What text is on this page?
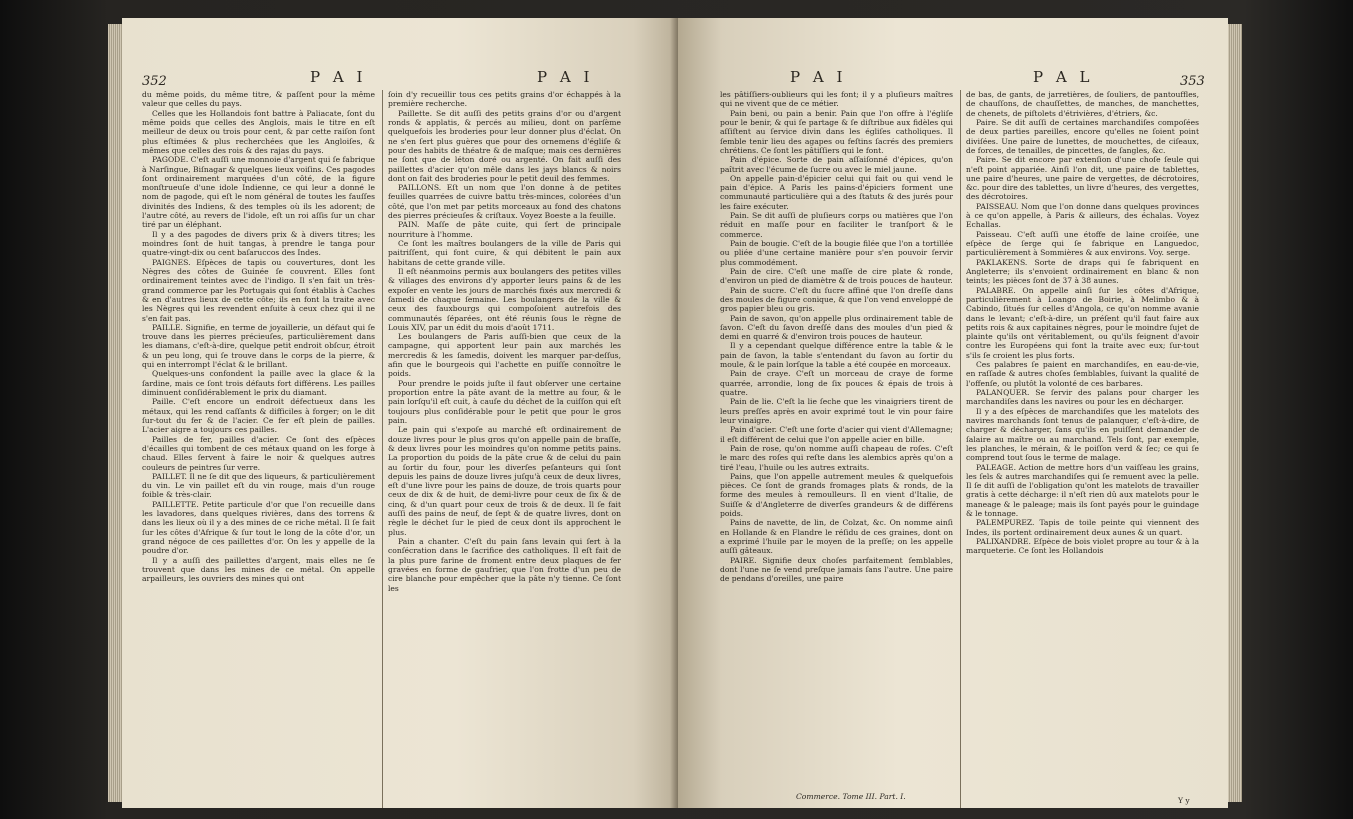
352	P A I	P A I

du même poids, du même titre, & paſſent pour la même valeur que celles du pays.

Celles que les Hollandois font battre à Paliacate, ſont du même poids que celles des Anglois, mais le titre en eſt meilleur de deux ou trois pour cent, & par cette raiſon ſont plus eſtimées & plus recherchées que les Angloiſes, & mêmes que celles des rois & des rajas du pays.

PAGODE. C'eſt auſſi une monnoie d'argent qui ſe fabrique à Narſingue, Biſnagar & quelques lieux voiſins. Ces pagodes ſont ordinairement marquées d'un côté, de la figure monſtrueuſe d'une idole Indienne, ce qui leur a donné le nom de pagode, qui eſt le nom général de toutes les fauſſes divinités des Indiens, & des temples où ils les adorent; de l'autre côté, au revers de l'idole, eſt un roi aſſis ſur un char tiré par un éléphant.

Il y a des pagodes de divers prix & à divers titres; les moindres ſont de huit tangas, à prendre le tanga pour quatre-vingt-dix ou cent baſaruccos des Indes.

PAIGNES. Eſpèces de tapis ou couvertures, dont les Nègres des côtes de Guinée ſe couvrent. Elles ſont ordinairement teintes avec de l'indigo. Il s'en fait un très-grand commerce par les Portugais qui ſont établis à Caches & en d'autres lieux de cette côte; ils en font la traite avec les Nègres qui les revendent enſuite à ceux chez qui il ne s'en fait pas.

PAILLE. Signifie, en terme de joyaillerie, un défaut qui ſe trouve dans les pierres précieuſes, particulièrement dans les diamans, c'eſt-à-dire, quelque petit endroit obſcur, étroit & un peu long, qui ſe trouve dans le corps de la pierre, & qui en interrompt l'éclat & le brillant.

Quelques-uns confondent la paille avec la glace & la ſardine, mais ce ſont trois défauts fort différens. Les pailles diminuent conſidérablement le prix du diamant.

Paille. C'eſt encore un endroit défectueux dans les métaux, qui les rend caſſants & difficiles à forger; on le dit ſur-tout du fer & de l'acier. Ce fer eſt plein de pailles. L'acier aigre a toujours ces pailles.

Pailles de fer, pailles d'acier. Ce ſont des eſpèces d'écailles qui tombent de ces métaux quand on les forge à chaud. Elles ſervent à faire le noir & quelques autres couleurs de peintres ſur verre.

PAILLET. Il ne ſe dit que des liqueurs, & particulièrement du vin. Le vin paillet eſt du vin rouge, mais d'un rouge foible & très-clair.

PAILLETTE. Petite particule d'or que l'on recueille dans les lavadores, dans quelques rivières, dans des torrens & dans les lieux où il y a des mines de ce riche métal. Il ſe fait ſur les côtes d'Afrique & ſur tout le long de la côte d'or, un grand négoce de ces paillettes d'or. On les y appelle de la poudre d'or.

Il y a auſſi des paillettes d'argent, mais elles ne ſe trouvent que dans les mines de ce métal. On appelle arpailleurs, les ouvriers des mines qui ont

ſoin d'y recueillir tous ces petits grains d'or échappés à la première recherche.

Paillette. Se dit auſſi des petits grains d'or ou d'argent ronds & applatis, & percés au milieu, dont on parſème quelquefois les broderies pour leur donner plus d'éclat. On ne s'en ſert plus guères que pour des ornemens d'égliſe & pour des habits de théatre & de maſque; mais ces dernières ne ſont que de léton doré ou argenté. On fait auſſi des paillettes d'acier qu'on mêle dans les jays blancs & noirs dont on fait des broderies pour le petit deuil des femmes.

PAILLONS. Eſt un nom que l'on donne à de petites feuilles quarrées de cuivre battu très-minces, colorées d'un côté, que l'on met par petits morceaux au fond des chatons des pierres précieuſes & criſtaux. Voyez Boeste a la feuille.

PAIN. Maſſe de pâte cuite, qui ſert de principale nourriture à l'homme.

Ce ſont les maîtres boulangers de la ville de Paris qui paitriſſent, qui font cuire, & qui débitent le pain aux habitans de cette grande ville.

Il eſt néanmoins permis aux boulangers des petites villes & villages des environs d'y apporter leurs pains & de les expoſer en vente les jours de marchés fixés aux mercredi & ſamedi de chaque ſemaine. Les boulangers de la ville & ceux des fauxbourgs qui compoſoient autrefois des communautés ſéparées, ont été réunis ſous le règne de Louis XIV, par un édit du mois d'août 1711.

Les boulangers de Paris auſſi-bien que ceux de la campagne, qui apportent leur pain aux marchés les mercredis & les ſamedis, doivent les marquer par-deſſus, afin que le bourgeois qui l'achette en puiſſe connoître le poids.

Pour prendre le poids juſte il faut obſerver une certaine proportion entre la pâte avant de la mettre au four, & le pain lorſqu'il eſt cuit, à cauſe du déchet de la cuiſſon qui eſt toujours plus conſidérable pour le petit que pour le gros pain.

Le pain qui s'expoſe au marché eſt ordinairement de douze livres pour le plus gros qu'on appelle pain de braſſe, & deux livres pour les moindres qu'on nomme petits pains. La proportion du poids de la pâte crue & de celui du pain au ſortir du four, pour les diverſes peſanteurs qui ſont depuis les pains de douze livres juſqu'à ceux de deux livres, eſt d'une livre pour les pains de douze, de trois quarts pour ceux de dix & de huit, de demi-livre pour ceux de ſix & de cinq, & d'un quart pour ceux de trois & de deux. Il ſe fait auſſi des pains de neuf, de ſept & de quatre livres, dont on règle le déchet ſur le pied de ceux dont ils approchent le plus.

Pain a chanter. C'eſt du pain ſans levain qui ſert à la conſécration dans le ſacrifice des catholiques. Il eſt fait de la plus pure farine de froment entre deux plaques de fer gravées en forme de gaufrier, que l'on frotte d'un peu de cire blanche pour empêcher que la pâte n'y tienne. Ce ſont les

P A I	P A L	353

les pâtiſſiers-oublieurs qui les font; il y a pluſieurs maîtres qui ne vivent que de ce métier.

Pain beni, ou pain a benir. Pain que l'on offre à l'égliſe pour le benir, & qui ſe partage & ſe diſtribue aux fidèles qui aſſiſtent au ſervice divin dans les égliſes catholiques. Il ſemble tenir lieu des agapes ou feſtins ſacrés des premiers chrétiens. Ce ſont les pâtiſſiers qui le font.

Pain d'épice. Sorte de pain aſſaiſonné d'épices, qu'on paîtrit avec l'écume de ſucre ou avec le miel jaune.

On appelle pain-d'épicier celui qui fait ou qui vend le pain d'épice. A Paris les pains-d'épiciers forment une communauté particulière qui a des ſtatuts & des jurés pour les faire exécuter.

Pain. Se dit auſſi de pluſieurs corps ou matières que l'on réduit en maſſe pour en faciliter le tranſport & le commerce.

Pain de bougie. C'eſt de la bougie filée que l'on a tortillée ou pliée d'une certaine manière pour s'en pouvoir ſervir plus commodément.

Pain de cire. C'eſt une maſſe de cire plate & ronde, d'environ un pied de diamètre & de trois pouces de hauteur.

Pain de sucre. C'eſt du ſucre affiné que l'on dreſſe dans des moules de figure conique, & que l'on vend enveloppé de gros papier bleu ou gris.

Pain de savon, qu'on appelle plus ordinairement table de ſavon. C'eſt du ſavon dreſſé dans des moules d'un pied & demi en quarré & d'environ trois pouces de hauteur.

Il y a cependant quelque différence entre la table & le pain de ſavon, la table s'entendant du ſavon au ſortir du moule, & le pain lorſque la table a été coupée en morceaux.

Pain de craye. C'eſt un morceau de craye de forme quarrée, arrondie, long de ſix pouces & épais de trois à quatre.

Pain de lie. C'eſt la lie ſeche que les vinaigriers tirent de leurs preſſes après en avoir exprimé tout le vin pour faire leur vinaigre.

Pain d'acier. C'eſt une ſorte d'acier qui vient d'Allemagne; il eſt différent de celui que l'on appelle acier en bille.

Pain de rose, qu'on nomme auſſi chapeau de roſes. C'eſt le marc des roſes qui reſte dans les alembics après qu'on a tiré l'eau, l'huile ou les autres extraits.

Pains, que l'on appelle autrement meules & quelquefois pièces. Ce ſont de grands fromages plats & ronds, de la forme des meules à remoulleurs. Il en vient d'Italie, de Suiſſe & d'Angleterre de diverſes grandeurs & de différens poids.

Pains de navette, de lin, de Colzat, &c. On nomme ainſi en Hollande & en Flandre le réſidu de ces graines, dont on a exprimé l'huile par le moyen de la preſſe; on les appelle auſſi gâteaux.

PAIRE. Signifie deux choſes parfaitement ſemblables, dont l'une ne ſe vend preſque jamais ſans l'autre. Une paire de pendans d'oreilles, une paire

Commerce. Tome III. Part. I.

de bas, de gants, de jarretières, de ſouliers, de pantouffles, de chauſſons, de chauſſettes, de manches, de manchettes, de chenets, de piſtolets d'étrivières, d'étriers, &c.

Paire. Se dit auſſi de certaines marchandiſes compoſées de deux parties pareilles, encore qu'elles ne ſoient point diviſées. Une paire de lunettes, de mouchettes, de ciſeaux, de forces, de tenailles, de pincettes, de ſangles, &c.

Paire. Se dit encore par extenſion d'une choſe ſeule qui n'eſt point appariée. Ainſi l'on dit, une paire de tablettes, une paire d'heures, une paire de vergettes, de décrotoires, &c. pour dire des tablettes, un livre d'heures, des vergettes, des décrotoires.

PAISSEAU. Nom que l'on donne dans quelques provinces à ce qu'on appelle, à Paris & ailleurs, des échalas. Voyez Echallas.

Paisseau. C'eſt auſſi une étoffe de laine croiſée, une eſpèce de ſerge qui ſe fabrique en Languedoc, particulièrement à Sommières & aux environs. Voy. serge.

PAKLAKENS. Sorte de draps qui ſe fabriquent en Angleterre; ils s'envoient ordinairement en blanc & non teints; les pièces ſont de 37 à 38 aunes.

PALABRE. On appelle ainſi ſur les côtes d'Afrique, particulièrement à Loango de Boirie, à Melimbo & à Cabindo, ſitués ſur celles d'Angola, ce qu'on nomme avanie dans le levant; c'eſt-à-dire, un préſent qu'il faut faire aux petits rois & aux capitaines nègres, pour le moindre ſujet de plainte qu'ils ont véritablement, ou qu'ils feignent d'avoir contre les Européens qui font la traite avec eux; ſur-tout s'ils ſe croient les plus forts.

Ces palabres ſe paient en marchandiſes, en eau-de-vie, en raſſade & autres choſes ſemblables, ſuivant la qualité de l'offenſe, ou plutôt la volonté de ces barbares.

PALANQUER. Se ſervir des palans pour charger les marchandiſes dans les navires ou pour les en décharger.

Il y a des eſpèces de marchandiſes que les matelots des navires marchands ſont tenus de palanquer, c'eſt-à-dire, de charger & décharger, ſans qu'ils en puiſſent demander de ſalaire au maître ou au marchand. Tels ſont, par exemple, les planches, le mérain, & le poiſſon verd & ſec; ce qui ſe comprend tout ſous le terme de malage.

PALEAGE. Action de mettre hors d'un vaiſſeau les grains, les ſels & autres marchandiſes qui ſe remuent avec la pelle. Il ſe dit auſſi de l'obligation qu'ont les matelots de travailler gratis à cette décharge: il n'eſt rien dû aux matelots pour le maneage & le paleage; mais ils ſont payés pour le guindage & le tonnage.

PALEMPUREZ. Tapis de toile peinte qui viennent des Indes, ils portent ordinairement deux aunes & un quart.

PALIXANDRE. Eſpèce de bois violet propre au tour & à la marqueterie. Ce ſont les Hollandois

Y y
